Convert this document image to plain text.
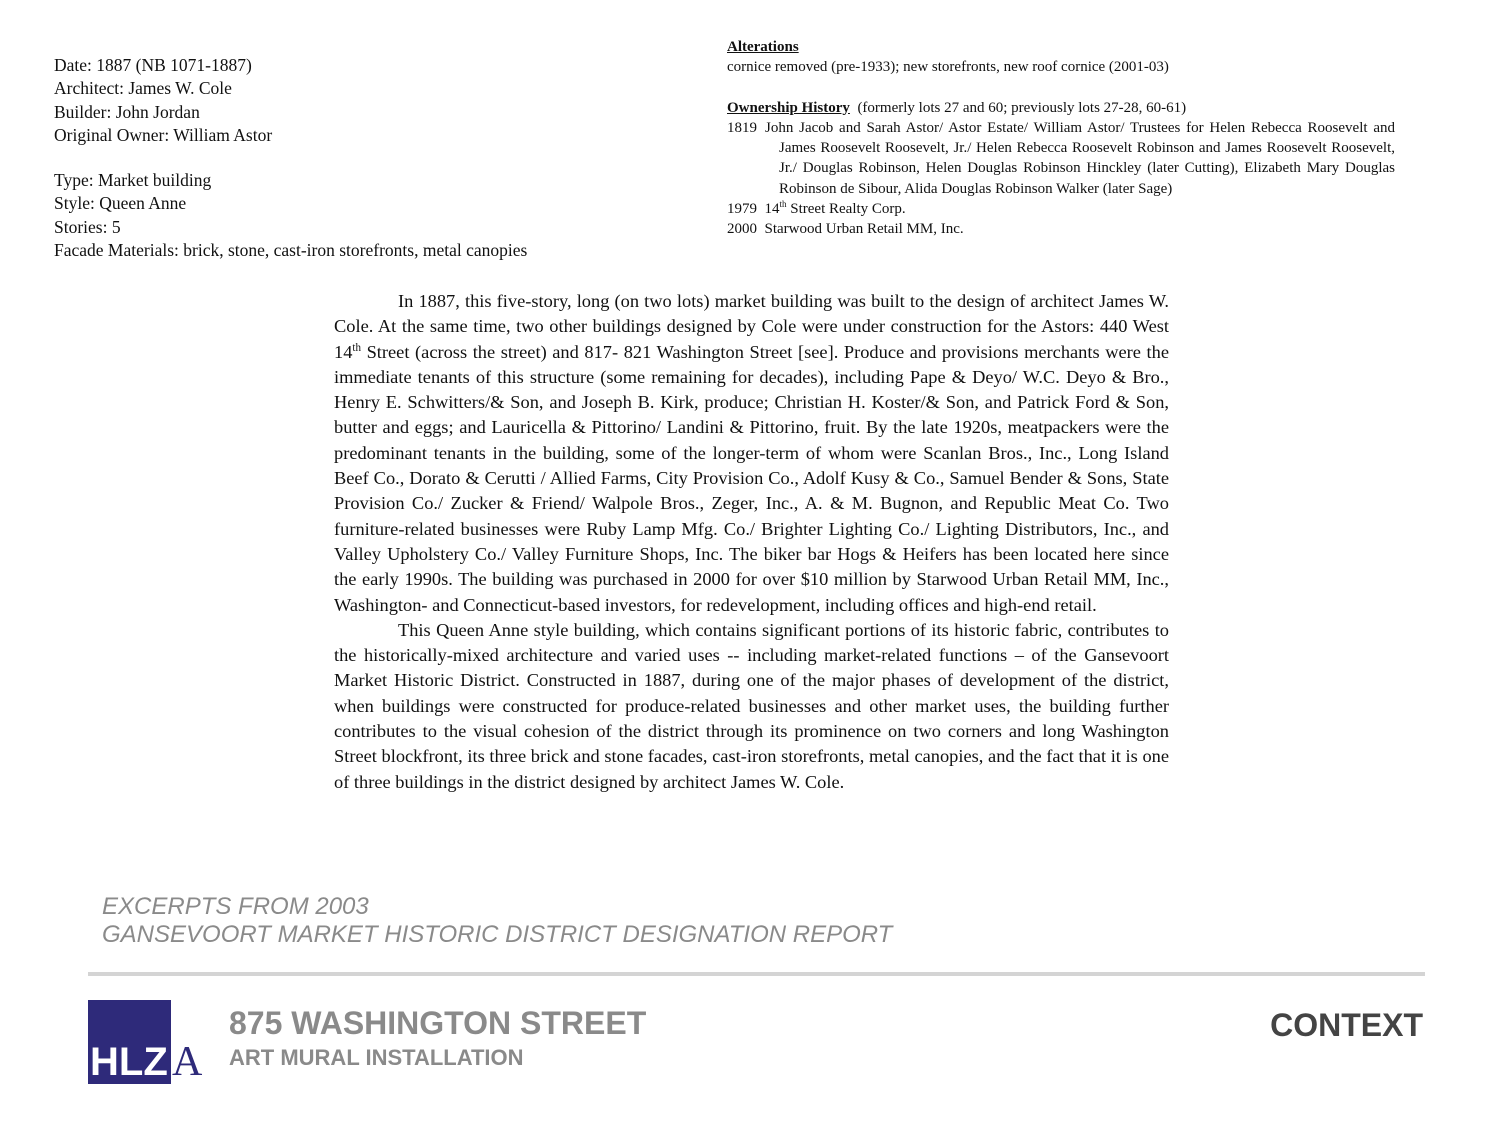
Date: 1887 (NB 1071-1887)
Architect: James W. Cole
Builder: John Jordan
Original Owner: William Astor
Type: Market building
Style: Queen Anne
Stories: 5
Facade Materials: brick, stone, cast-iron storefronts, metal canopies
Alterations
cornice removed (pre-1933); new storefronts, new roof cornice (2001-03)
Ownership History (formerly lots 27 and 60; previously lots 27-28, 60-61)
1819 John Jacob and Sarah Astor/ Astor Estate/ William Astor/ Trustees for Helen Rebecca Roosevelt and James Roosevelt Roosevelt, Jr./ Helen Rebecca Roosevelt Robinson and James Roosevelt Roosevelt, Jr./ Douglas Robinson, Helen Douglas Robinson Hinckley (later Cutting), Elizabeth Mary Douglas Robinson de Sibour, Alida Douglas Robinson Walker (later Sage)
1979 14th Street Realty Corp.
2000 Starwood Urban Retail MM, Inc.

In 1887, this five-story, long (on two lots) market building was built to the design of architect James W. Cole. At the same time, two other buildings designed by Cole were under construction for the Astors: 440 West 14th Street (across the street) and 817- 821 Washington Street [see]. Produce and provisions merchants were the immediate tenants of this structure (some remaining for decades), including Pape & Deyo/ W.C. Deyo & Bro., Henry E. Schwitters/& Son, and Joseph B. Kirk, produce; Christian H. Koster/& Son, and Patrick Ford & Son, butter and eggs; and Lauricella & Pittorino/ Landini & Pittorino, fruit. By the late 1920s, meatpackers were the predominant tenants in the building, some of the longer-term of whom were Scanlan Bros., Inc., Long Island Beef Co., Dorato & Cerutti / Allied Farms, City Provision Co., Adolf Kusy & Co., Samuel Bender & Sons, State Provision Co./ Zucker & Friend/ Walpole Bros., Zeger, Inc., A. & M. Bugnon, and Republic Meat Co. Two furniture-related businesses were Ruby Lamp Mfg. Co./ Brighter Lighting Co./ Lighting Distributors, Inc., and Valley Upholstery Co./ Valley Furniture Shops, Inc. The biker bar Hogs & Heifers has been located here since the early 1990s. The building was purchased in 2000 for over $10 million by Starwood Urban Retail MM, Inc., Washington- and Connecticut-based investors, for redevelopment, including offices and high-end retail.

This Queen Anne style building, which contains significant portions of its historic fabric, contributes to the historically-mixed architecture and varied uses -- including market-related functions – of the Gansevoort Market Historic District. Constructed in 1887, during one of the major phases of development of the district, when buildings were constructed for produce-related businesses and other market uses, the building further contributes to the visual cohesion of the district through its prominence on two corners and long Washington Street blockfront, its three brick and stone facades, cast-iron storefronts, metal canopies, and the fact that it is one of three buildings in the district designed by architect James W. Cole.

EXCERPTS FROM 2003
GANSEVOORT MARKET HISTORIC DISTRICT DESIGNATION REPORT
HLZ A
875 WASHINGTON STREET
ART MURAL INSTALLATION
CONTEXT
